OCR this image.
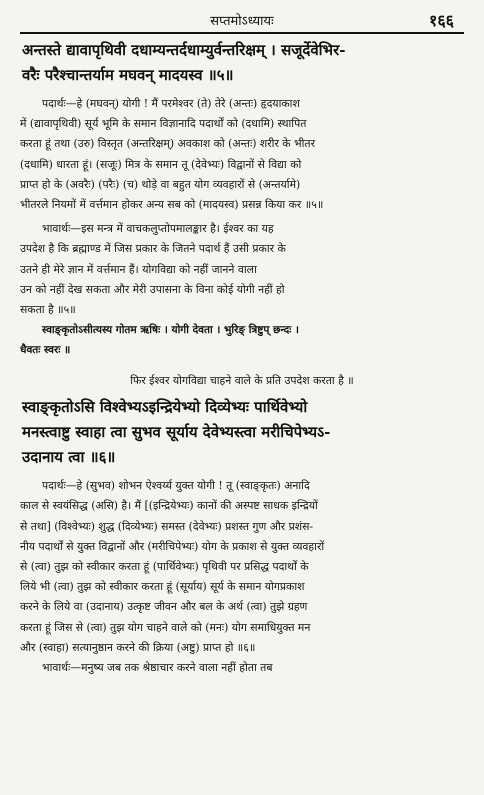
सप्तमोऽध्यायः	१६६
अन्तस्ते द्यावापृथिवी दधाम्यन्तर्दधाम्युर्वन्तरिक्षम् । सजूर्देवेभिर-
वरैः परैश्चान्तर्याम मघवन् मादयस्व ॥५॥
पदार्थः—हे (मघवन्) योगी ! मैं परमेश्वर (ते) तेरे (अन्तः) हृदयाकाश
में (द्यावापृथिवी) सूर्य भूमि के समान विज्ञानादि पदार्थों को (दधामि) स्थापित
करता हूं तथा (उरु) विस्तृत (अन्तरिक्षम्) अवकाश को (अन्तः) शरीर के भीतर
(दधामि) धारता हूं। (सजूः) मित्र के समान तू (देवेभ्यः) विद्वानों से विद्या को
प्राप्त हो के (अवरैः) (परैः) (च) थोड़े वा बहुत योग व्यवहारों से (अन्तर्यामे)
भीतरले नियमों में वर्त्तमान होकर अन्य सब को (मादयस्व) प्रसन्न किया कर ॥५॥
भावार्थः—इस मन्त्र में वाचकलुप्तोपमालङ्कार है। ईश्वर का यह
उपदेश है कि ब्रह्माण्ड में जिस प्रकार के जितने पदार्थ हैं उसी प्रकार के
उतने ही मेरे ज्ञान में वर्त्तमान हैं। योगविद्या को नहीं जानने वाला
उन को नहीं देख सकता और मेरी उपासना के विना कोई योगी नहीं हो
सकता है ॥५॥
स्वाङ्कृतोऽसीत्यस्य गोतम ऋषिः । योगी देवता । भुरिङ् त्रिष्टुप् छन्दः ।
धैवतः स्वरः ॥
फिर ईश्वर योगविद्या चाहने वाले के प्रति उपदेश करता है ॥
स्वाङ्कृतोऽसि विश्वेभ्यऽइन्द्रियेभ्यो दिव्येभ्यः पार्थिवेभ्यो
मनस्त्वाष्टु स्वाहा त्वा सुभव सूर्याय देवेभ्यस्त्वा मरीचिपेभ्यऽ-
उदानाय त्वा ॥६॥
पदार्थः—हे (सुभव) शोभन ऐश्वर्य्य युक्त योगी ! तू (स्वाङ्कृतः) अनादि
काल से स्वयंसिद्ध (असि) है। मैं [(इन्द्रियेभ्यः) कानों की अस्पष्ट साधक इन्द्रियों
से तथा] (विश्वेभ्यः) शुद्ध (दिव्येभ्यः) समस्त (देवेभ्यः) प्रशस्त गुण और प्रशंस-
नीय पदार्थों से युक्त विद्वानों और (मरीचिपेभ्यः) योग के प्रकाश से युक्त व्यवहारों
से (त्वा) तुझ को स्वीकार करता हूं (पार्थिवेभ्यः) पृथिवी पर प्रसिद्ध पदार्थों के
लिये भी (त्वा) तुझ को स्वीकार करता हूं (सूर्याय) सूर्य के समान योगप्रकाश
करने के लिये वा (उदानाय) उत्कृष्ट जीवन और बल के अर्थ (त्वा) तुझे ग्रहण
करता हूं जिस से (त्वा) तुझ योग चाहने वाले को (मनः) योग समाधियुक्त मन
और (स्वाहा) सत्यानुष्ठान करने की क्रिया (अष्टु) प्राप्त हो ॥६॥
भावार्थः—मनुष्य जब तक श्रेष्ठाचार करने वाला नहीं होता तब
